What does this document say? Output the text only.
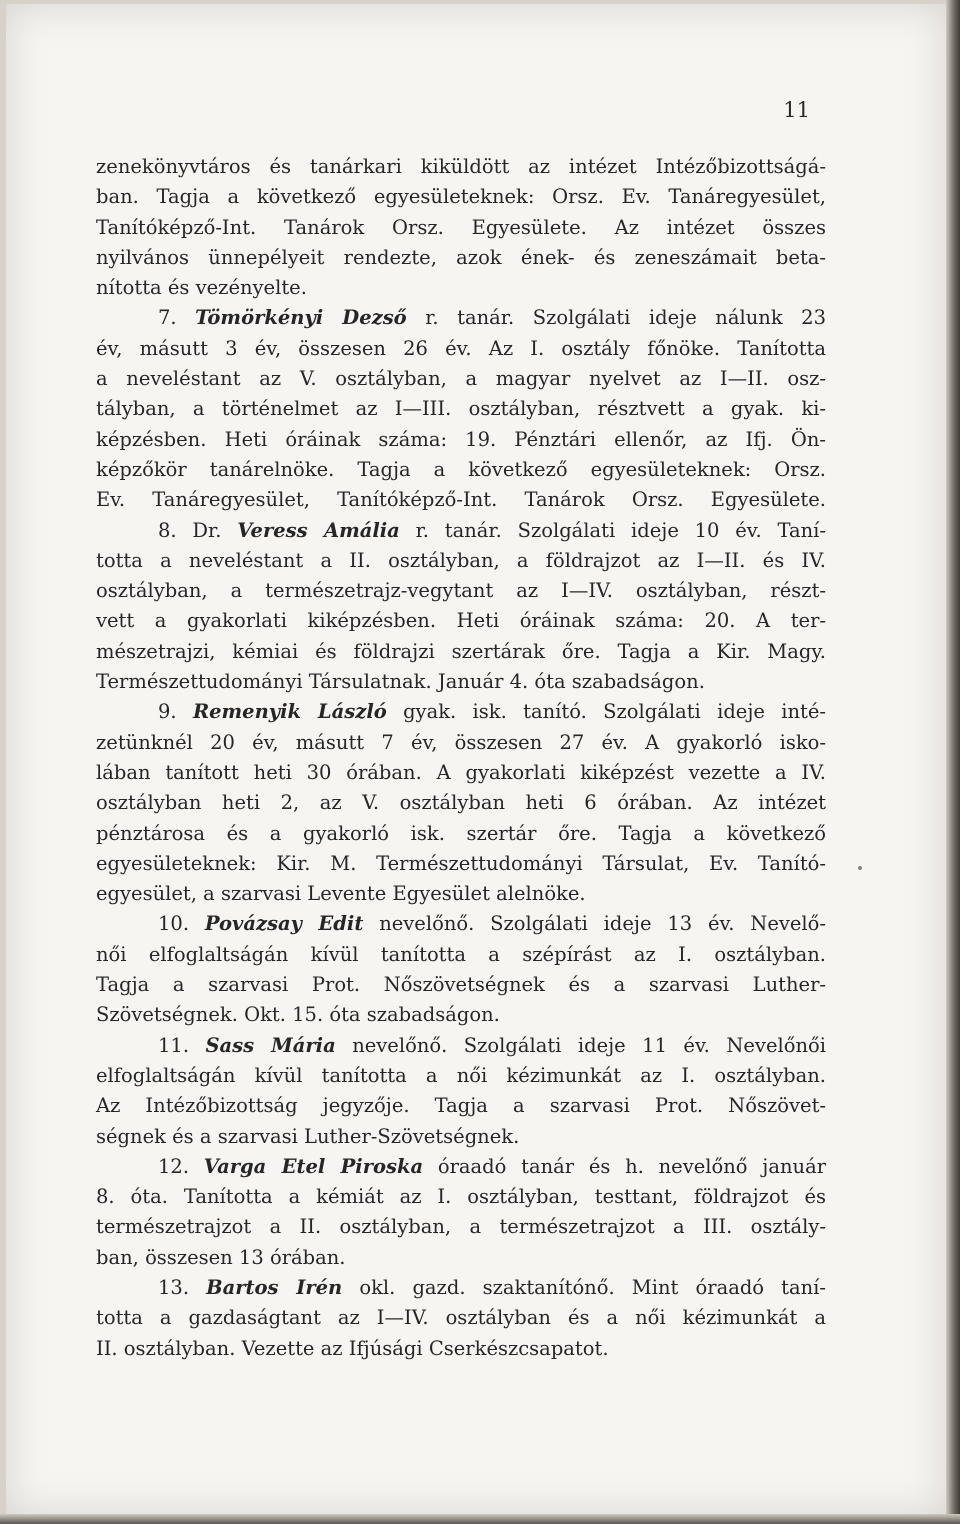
11
zenekönyvtáros és tanárkari kiküldött az intézet Intézőbizottságá-
ban. Tagja a következő egyesületeknek: Orsz. Ev. Tanáregyesület,
Tanítóképző-Int. Tanárok Orsz. Egyesülete. Az intézet összes
nyilvános ünnepélyeit rendezte, azok ének- és zeneszámait beta-
nította és vezényelte.
7. Tömörkényi Dezső r. tanár. Szolgálati ideje nálunk 23
év, másutt 3 év, összesen 26 év. Az I. osztály főnöke. Tanította
a neveléstant az V. osztályban, a magyar nyelvet az I—II. osz-
tályban, a történelmet az I—III. osztályban, résztvett a gyak. ki-
képzésben. Heti óráinak száma: 19. Pénztári ellenőr, az Ifj. Ön-
képzőkör tanárelnöke. Tagja a következő egyesületeknek: Orsz.
Ev. Tanáregyesület, Tanítóképző-Int. Tanárok Orsz. Egyesülete.
8. Dr. Veress Amália r. tanár. Szolgálati ideje 10 év. Taní-
totta a neveléstant a II. osztályban, a földrajzot az I—II. és IV.
osztályban, a természetrajz-vegytant az I—IV. osztályban, részt-
vett a gyakorlati kiképzésben. Heti óráinak száma: 20. A ter-
mészetrajzi, kémiai és földrajzi szertárak őre. Tagja a Kir. Magy.
Természettudományi Társulatnak. Január 4. óta szabadságon.
9. Remenyik László gyak. isk. tanító. Szolgálati ideje inté-
zetünknél 20 év, másutt 7 év, összesen 27 év. A gyakorló isko-
lában tanított heti 30 órában. A gyakorlati kiképzést vezette a IV.
osztályban heti 2, az V. osztályban heti 6 órában. Az intézet
pénztárosa és a gyakorló isk. szertár őre. Tagja a következő
egyesületeknek: Kir. M. Természettudományi Társulat, Ev. Tanító-
egyesület, a szarvasi Levente Egyesület alelnöke.
10. Povázsay Edit nevelőnő. Szolgálati ideje 13 év. Nevelő-
női elfoglaltságán kívül tanította a szépírást az I. osztályban.
Tagja a szarvasi Prot. Nőszövetségnek és a szarvasi Luther-
Szövetségnek. Okt. 15. óta szabadságon.
11. Sass Mária nevelőnő. Szolgálati ideje 11 év. Nevelőnői
elfoglaltságán kívül tanította a női kézimunkát az I. osztályban.
Az Intézőbizottság jegyzője. Tagja a szarvasi Prot. Nőszövet-
ségnek és a szarvasi Luther-Szövetségnek.
12. Varga Etel Piroska óraadó tanár és h. nevelőnő január
8. óta. Tanította a kémiát az I. osztályban, testtant, földrajzot és
természetrajzot a II. osztályban, a természetrajzot a III. osztály-
ban, összesen 13 órában.
13. Bartos Irén okl. gazd. szaktanítónő. Mint óraadó taní-
totta a gazdaságtant az I—IV. osztályban és a női kézimunkát a
II. osztályban. Vezette az Ifjúsági Cserkészcsapatot.
